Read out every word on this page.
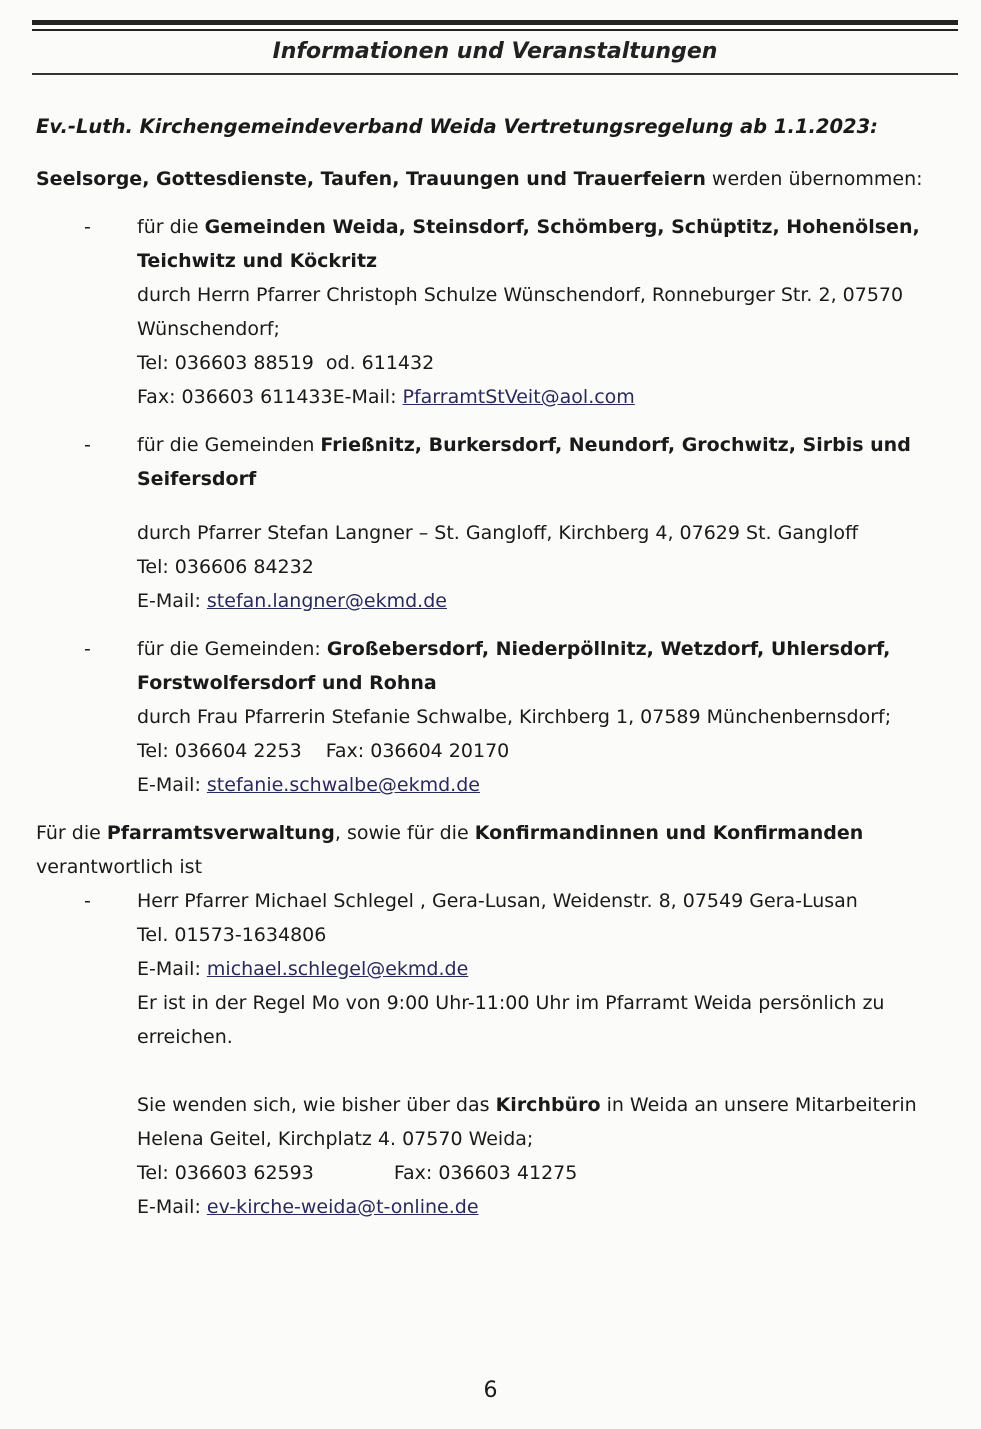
Informationen und Veranstaltungen

Ev.-Luth. Kirchengemeindeverband Weida Vertretungsregelung ab 1.1.2023:

Seelsorge, Gottesdienste, Taufen, Trauungen und Trauerfeiern werden übernommen:

- für die Gemeinden Weida, Steinsdorf, Schömberg, Schüptitz, Hohenölsen, Teichwitz und Köckritz

durch Herrn Pfarrer Christoph Schulze Wünschendorf, Ronneburger Str. 2, 07570 Wünschendorf;

Tel: 036603 88519  od. 611432

Fax: 036603 611433E-Mail: PfarramtStVeit@aol.com

- für die Gemeinden Frießnitz, Burkersdorf, Neundorf, Grochwitz, Sirbis und Seifersdorf

durch Pfarrer Stefan Langner – St. Gangloff, Kirchberg 4, 07629 St. Gangloff

Tel: 036606 84232

E-Mail: stefan.langner@ekmd.de

- für die Gemeinden: Großebersdorf, Niederpöllnitz, Wetzdorf, Uhlersdorf, Forstwolfersdorf und Rohna

durch Frau Pfarrerin Stefanie Schwalbe, Kirchberg 1, 07589 Münchenbernsdorf;

Tel: 036604 2253 Fax: 036604 20170

E-Mail: stefanie.schwalbe@ekmd.de

Für die Pfarramtsverwaltung, sowie für die Konfirmandinnen und Konfirmanden verantwortlich ist

- Herr Pfarrer Michael Schlegel , Gera-Lusan, Weidenstr. 8, 07549 Gera-Lusan

Tel. 01573-1634806

E-Mail: michael.schlegel@ekmd.de

Er ist in der Regel Mo von 9:00 Uhr-11:00 Uhr im Pfarramt Weida persönlich zu erreichen.

Sie wenden sich, wie bisher über das Kirchbüro in Weida an unsere Mitarbeiterin Helena Geitel, Kirchplatz 4. 07570 Weida;

Tel: 036603 62593	Fax: 036603 41275

E-Mail: ev-kirche-weida@t-online.de

6
